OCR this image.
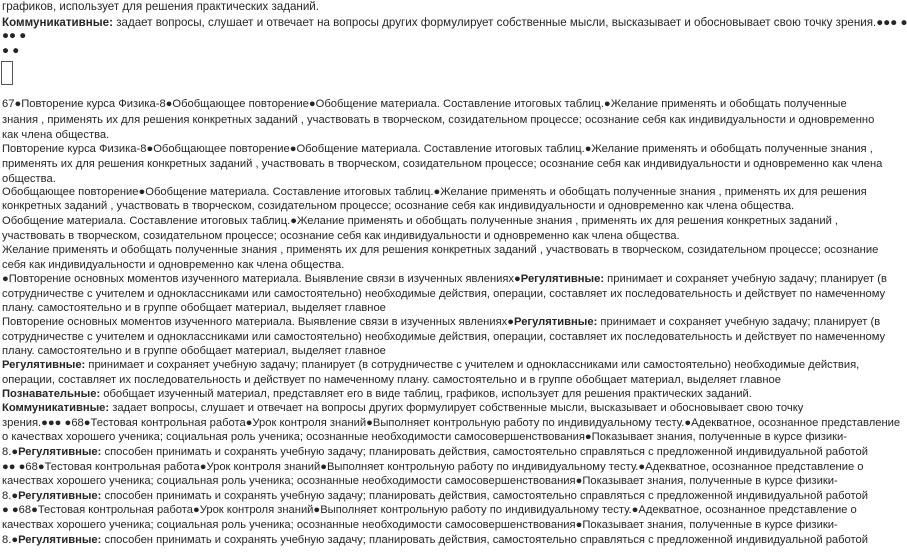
графиков, использует для решения практических заданий.
Коммуникативные: задает вопросы, слушает и отвечает на вопросы других формулирует собственные мысли, высказывает и обосновывает свою точку зрения.●●● ●
●● ●
● ●
67●Повторение курса Физика-8●Обобщающее повторение●Обобщение материала. Составление итоговых таблиц.●Желание применять и обобщать полученные
знания , применять их для решения конкретных заданий , участвовать в творческом, созидательном процессе; осознание себя как индивидуальности и одновременно
как члена общества.
Повторение курса Физика-8●Обобщающее повторение●Обобщение материала. Составление итоговых таблиц.●Желание применять и обобщать полученные знания ,
применять их для решения конкретных заданий , участвовать в творческом, созидательном процессе; осознание себя как индивидуальности и одновременно как члена
общества.
Обобщающее повторение●Обобщение материала. Составление итоговых таблиц.●Желание применять и обобщать полученные знания , применять их для решения
конкретных заданий , участвовать в творческом, созидательном процессе; осознание себя как индивидуальности и одновременно как члена общества.
Обобщение материала. Составление итоговых таблиц.●Желание применять и обобщать полученные знания , применять их для решения конкретных заданий ,
участвовать в творческом, созидательном процессе; осознание себя как индивидуальности и одновременно как члена общества.
Желание применять и обобщать полученные знания , применять их для решения конкретных заданий , участвовать в творческом, созидательном процессе; осознание
себя как индивидуальности и одновременно как члена общества.
●Повторение основных моментов изученного материала. Выявление связи в изученных явлениях●Регулятивные: принимает и сохраняет учебную задачу; планирует (в
сотрудничестве с учителем и одноклассниками или самостоятельно) необходимые действия, операции, составляет их последовательность и действует по намеченному
плану. самостоятельно и в группе обобщает материал, выделяет главное
Повторение основных моментов изученного материала. Выявление связи в изученных явлениях●Регулятивные: принимает и сохраняет учебную задачу; планирует (в
сотрудничестве с учителем и одноклассниками или самостоятельно) необходимые действия, операции, составляет их последовательность и действует по намеченному
плану. самостоятельно и в группе обобщает материал, выделяет главное
Регулятивные: принимает и сохраняет учебную задачу; планирует (в сотрудничестве с учителем и одноклассниками или самостоятельно) необходимые действия,
операции, составляет их последовательность и действует по намеченному плану. самостоятельно и в группе обобщает материал, выделяет главное
Познавательные: обобщает изученный материал, представляет его в виде таблиц, графиков, использует для решения практических заданий.
Коммуникативные: задает вопросы, слушает и отвечает на вопросы других формулирует собственные мысли, высказывает и обосновывает свою точку
зрения.●●● ●68●Тестовая контрольная работа●Урок контроля знаний●Выполняет контрольную работу по индивидуальному тесту.●Адекватное, осознанное представление
о качествах хорошего ученика; социальная роль ученика; осознанные необходимости самосовершенствования●Показывает знания, полученные в курсе физики-
8.●Регулятивные: способен принимать и сохранять учебную задачу; планировать действия, самостоятельно справляться с предложенной индивидуальной работой
●● ●68●Тестовая контрольная работа●Урок контроля знаний●Выполняет контрольную работу по индивидуальному тесту.●Адекватное, осознанное представление о
качествах хорошего ученика; социальная роль ученика; осознанные необходимости самосовершенствования●Показывает знания, полученные в курсе физики-
8.●Регулятивные: способен принимать и сохранять учебную задачу; планировать действия, самостоятельно справляться с предложенной индивидуальной работой
● ●68●Тестовая контрольная работа●Урок контроля знаний●Выполняет контрольную работу по индивидуальному тесту.●Адекватное, осознанное представление о
качествах хорошего ученика; социальная роль ученика; осознанные необходимости самосовершенствования●Показывает знания, полученные в курсе физики-
8.●Регулятивные: способен принимать и сохранять учебную задачу; планировать действия, самостоятельно справляться с предложенной индивидуальной работой
